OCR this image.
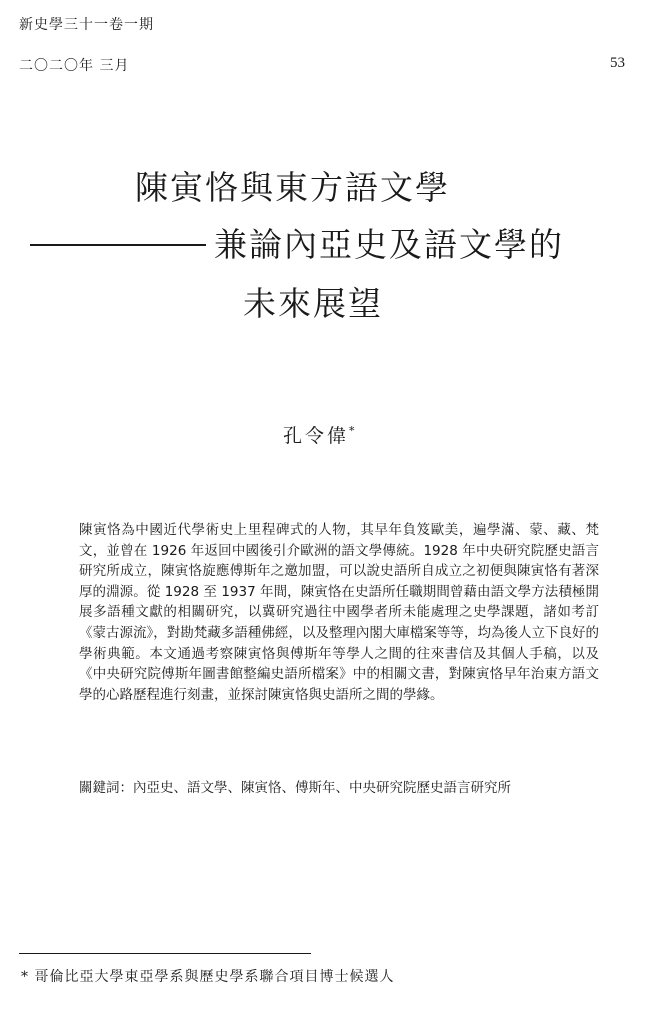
新史學三十一卷一期
二〇二〇年 三月	53
陳寅恪與東方語文學
兼論內亞史及語文學的
未來展望
孔令偉*
陳寅恪為中國近代學術史上里程碑式的人物，其早年負笈歐美，遍學滿、蒙、藏、梵文，並曾在 1926 年返回中國後引介歐洲的語文學傳統。1928 年中央研究院歷史語言研究所成立，陳寅恪旋應傅斯年之邀加盟，可以說史語所自成立之初便與陳寅恪有著深厚的淵源。從 1928 至 1937 年間，陳寅恪在史語所任職期間曾藉由語文學方法積極開展多語種文獻的相關研究，以冀研究過往中國學者所未能處理之史學課題，諸如考訂《蒙古源流》，對勘梵藏多語種佛經，以及整理內閣大庫檔案等等，均為後人立下良好的學術典範。本文通過考察陳寅恪與傅斯年等學人之間的往來書信及其個人手稿，以及《中央研究院傅斯年圖書館整編史語所檔案》中的相關文書，對陳寅恪早年治東方語文學的心路歷程進行刻畫，並探討陳寅恪與史語所之間的學緣。
關鍵詞：內亞史、語文學、陳寅恪、傅斯年、中央研究院歷史語言研究所
* 哥倫比亞大學東亞學系與歷史學系聯合項目博士候選人
